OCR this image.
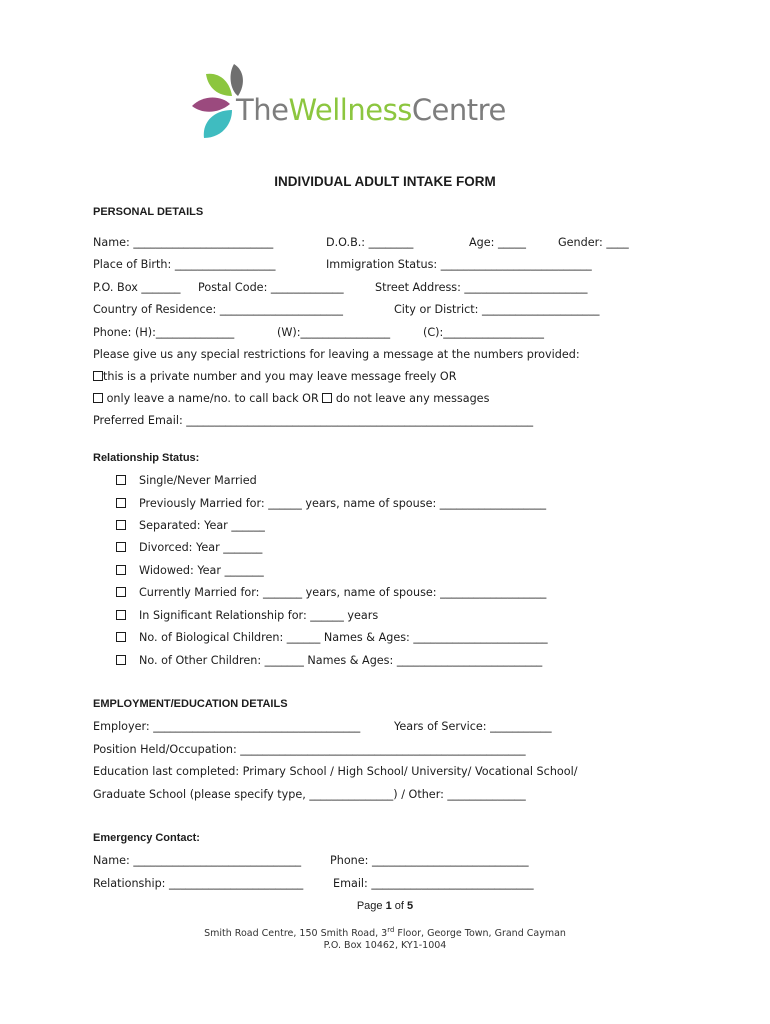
TheWellnessCentre
INDIVIDUAL ADULT INTAKE FORM
PERSONAL DETAILS
Name: _________________________	D.O.B.: ________	Age: _____	Gender: ____
Place of Birth: __________________	Immigration Status: ___________________________
P.O. Box _______ Postal Code: _____________	Street Address: ______________________
Country of Residence: ______________________	City or District: _____________________
Phone: (H):______________	(W):________________	(C):__________________
Please give us any special restrictions for leaving a message at the numbers provided:
this is a private number and you may leave message freely OR
only leave a name/no. to call back OR do not leave any messages
Preferred Email: ______________________________________________________________
Relationship Status:
Single/Never Married
Previously Married for: ______ years, name of spouse: ___________________
Separated: Year ______
Divorced: Year _______
Widowed: Year _______
Currently Married for: _______ years, name of spouse: ___________________
In Significant Relationship for: ______ years
No. of Biological Children: ______ Names & Ages: ________________________
No. of Other Children: _______ Names & Ages: __________________________
EMPLOYMENT/EDUCATION DETAILS
Employer: _____________________________________	Years of Service: ___________
Position Held/Occupation: ___________________________________________________
Education last completed: Primary School / High School/ University/ Vocational School/
Graduate School (please specify type, _______________) / Other: ______________
Emergency Contact:
Name: ______________________________	Phone: ____________________________
Relationship: ________________________	Email: _____________________________
Page 1 of 5
Smith Road Centre, 150 Smith Road, 3rd Floor, George Town, Grand Cayman
P.O. Box 10462, KY1-1004
